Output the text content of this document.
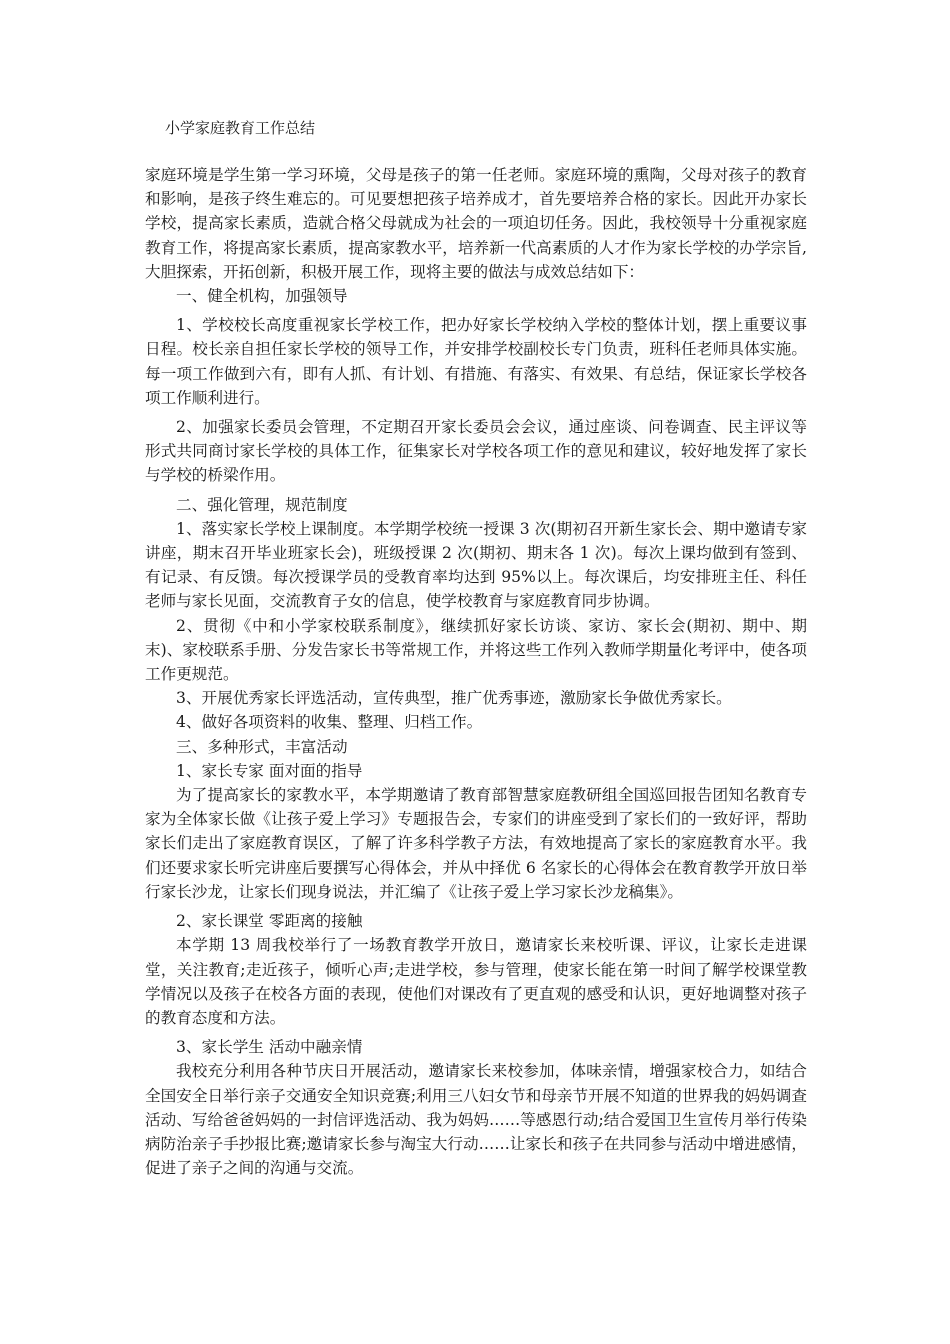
小学家庭教育工作总结

家庭环境是学生第一学习环境，父母是孩子的第一任老师。家庭环境的熏陶，父母对孩子的教育和影响，是孩子终生难忘的。可见要想把孩子培养成才，首先要培养合格的家长。因此开办家长学校，提高家长素质，造就合格父母就成为社会的一项迫切任务。因此，我校领导十分重视家庭教育工作，将提高家长素质，提高家教水平，培养新一代高素质的人才作为家长学校的办学宗旨,大胆探索，开拓创新，积极开展工作，现将主要的做法与成效总结如下：

一、健全机构，加强领导

1、学校校长高度重视家长学校工作，把办好家长学校纳入学校的整体计划，摆上重要议事日程。校长亲自担任家长学校的领导工作，并安排学校副校长专门负责，班科任老师具体实施。每一项工作做到六有，即有人抓、有计划、有措施、有落实、有效果、有总结，保证家长学校各项工作顺利进行。

2、加强家长委员会管理，不定期召开家长委员会会议，通过座谈、问卷调查、民主评议等形式共同商讨家长学校的具体工作，征集家长对学校各项工作的意见和建议，较好地发挥了家长与学校的桥梁作用。

二、强化管理，规范制度

1、落实家长学校上课制度。本学期学校统一授课 3 次(期初召开新生家长会、期中邀请专家讲座，期末召开毕业班家长会)，班级授课 2 次(期初、期末各 1 次)。每次上课均做到有签到、有记录、有反馈。每次授课学员的受教育率均达到 95%以上。每次课后，均安排班主任、科任老师与家长见面，交流教育子女的信息，使学校教育与家庭教育同步协调。

2、贯彻《中和小学家校联系制度》，继续抓好家长访谈、家访、家长会(期初、期中、期末)、家校联系手册、分发告家长书等常规工作，并将这些工作列入教师学期量化考评中，使各项工作更规范。

3、开展优秀家长评选活动，宣传典型，推广优秀事迹，激励家长争做优秀家长。

4、做好各项资料的收集、整理、归档工作。

三、多种形式，丰富活动

1、家长专家 面对面的指导

为了提高家长的家教水平，本学期邀请了教育部智慧家庭教研组全国巡回报告团知名教育专家为全体家长做《让孩子爱上学习》专题报告会，专家们的讲座受到了家长们的一致好评，帮助家长们走出了家庭教育误区，了解了许多科学教子方法，有效地提高了家长的家庭教育水平。我们还要求家长听完讲座后要撰写心得体会，并从中择优 6 名家长的心得体会在教育教学开放日举行家长沙龙，让家长们现身说法，并汇编了《让孩子爱上学习家长沙龙稿集》。

2、家长课堂 零距离的接触

本学期 13 周我校举行了一场教育教学开放日，邀请家长来校听课、评议，让家长走进课堂，关注教育;走近孩子，倾听心声;走进学校，参与管理，使家长能在第一时间了解学校课堂教学情况以及孩子在校各方面的表现，使他们对课改有了更直观的感受和认识，更好地调整对孩子的教育态度和方法。

3、家长学生 活动中融亲情

我校充分利用各种节庆日开展活动，邀请家长来校参加，体味亲情，增强家校合力，如结合全国安全日举行亲子交通安全知识竞赛;利用三八妇女节和母亲节开展不知道的世界我的妈妈调查活动、写给爸爸妈妈的一封信评选活动、我为妈妈……等感恩行动;结合爱国卫生宣传月举行传染病防治亲子手抄报比赛;邀请家长参与淘宝大行动……让家长和孩子在共同参与活动中增进感情，促进了亲子之间的沟通与交流。
